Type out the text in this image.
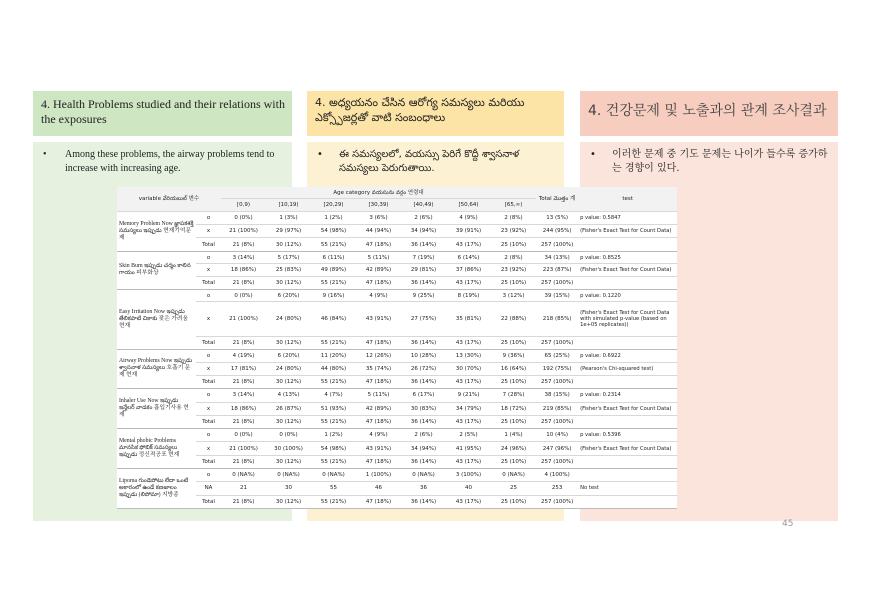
4. Health Problems studied and their relations with the exposures
4. అధ్యయనం చేసిన ఆరోగ్య సమస్యలు మరియు ఎక్స్పోజర్లతో వాటి సంబంధాలు	4. 건강문제 및 노출과의 관계 조사결과
•	Among these problems, the airway problems tend to increase with increasing age.
•	ఈ సమస్యలలో, వయస్సు పెరిగే కొద్దీ శ్వాసనాళ సమస్యలు పెరుగుతాయి.
•	이러한 문제 중 기도 문제는 나이가 들수록 증가하는 경향이 있다.
variable వేరియబుల్ 변수		Age category వయసును వర్గం 연령대							Total మొత్తం 계	test
		[0,9)	[10,19)	[20,29)	[30,39)	[40,49)	[50,64)	[65,∞)		
Memory Problem Now జ్ఞాపకశక్తి సమస్యలు ఇప్పుడు 현재기억문제	o	0 (0%)	1 (3%)	1 (2%)	3 (6%)	2 (6%)	4 (9%)	2 (8%)	13 (5%)	p value: 0.5847
	x	21 (100%)	29 (97%)	54 (98%)	44 (94%)	34 (94%)	39 (91%)	23 (92%)	244 (95%)	(Fisher's Exact Test for Count Data)
	Total	21 (8%)	30 (12%)	55 (21%)	47 (18%)	36 (14%)	43 (17%)	25 (10%)	257 (100%)	
Skin Burn ఇప్పుడు చర్మం కాలిన గాయం 피부화상	o	3 (14%)	5 (17%)	6 (11%)	5 (11%)	7 (19%)	6 (14%)	2 (8%)	34 (13%)	p value: 0.8525
	x	18 (86%)	25 (83%)	49 (89%)	42 (89%)	29 (81%)	37 (86%)	23 (92%)	223 (87%)	(Fisher's Exact Test for Count Data)
	Total	21 (8%)	30 (12%)	55 (21%)	47 (18%)	36 (14%)	43 (17%)	25 (10%)	257 (100%)	
Easy Irritation Now ఇప్పుడు తేలికపాటి చికాకు 잦은 가려움 현재	o	0 (0%)	6 (20%)	9 (16%)	4 (9%)	9 (25%)	8 (19%)	3 (12%)	39 (15%)	p value: 0.1220
	x	21 (100%)	24 (80%)	46 (84%)	43 (91%)	27 (75%)	35 (81%)	22 (88%)	218 (85%)	(Fisher's Exact Test for Count Data with simulated p-value (based on 1e+05 replicates))
	Total	21 (8%)	30 (12%)	55 (21%)	47 (18%)	36 (14%)	43 (17%)	25 (10%)	257 (100%)	
Airway Problems Now ఇప్పుడు శ్వాసనాళ సమస్యలు 호흡기 문제 현재	o	4 (19%)	6 (20%)	11 (20%)	12 (26%)	10 (28%)	13 (30%)	9 (36%)	65 (25%)	p value: 0.6922
	x	17 (81%)	24 (80%)	44 (80%)	35 (74%)	26 (72%)	30 (70%)	16 (64%)	192 (75%)	(Pearson's Chi-squared test)
	Total	21 (8%)	30 (12%)	55 (21%)	47 (18%)	36 (14%)	43 (17%)	25 (10%)	257 (100%)	
Inhaler Use Now ఇప్పుడు ఇన్హేలర్ వాడకం 흡입기사용 현재	o	3 (14%)	4 (13%)	4 (7%)	5 (11%)	6 (17%)	9 (21%)	7 (28%)	38 (15%)	p value: 0.2314
	x	18 (86%)	26 (87%)	51 (93%)	42 (89%)	30 (83%)	34 (79%)	18 (72%)	219 (85%)	(Fisher's Exact Test for Count Data)
	Total	21 (8%)	30 (12%)	55 (21%)	47 (18%)	36 (14%)	43 (17%)	25 (10%)	257 (100%)	
Mental phobic Problems మానసిక ఫోబిక్ సమస్యలు ఇప్పుడు 정신적공포 현재	o	0 (0%)	0 (0%)	1 (2%)	4 (9%)	2 (6%)	2 (5%)	1 (4%)	10 (4%)	p value: 0.5396
	x	21 (100%)	30 (100%)	54 (98%)	43 (91%)	34 (94%)	41 (95%)	24 (96%)	247 (96%)	(Fisher's Exact Test for Count Data)
	Total	21 (8%)	30 (12%)	55 (21%)	47 (18%)	36 (14%)	43 (17%)	25 (10%)	257 (100%)	
Lipoma గుండెపోటు లేదా ఒంటి అకారంలో ఉండే కణజాలం ఇప్పుడు (లిపోమా) 지방종	o	0 (NA%)	0 (NA%)	0 (NA%)	1 (100%)	0 (NA%)	3 (100%)	0 (NA%)	4 (100%)	
	NA	21	30	55	46	36	40	25	253	No test
	Total	21 (8%)	30 (12%)	55 (21%)	47 (18%)	36 (14%)	43 (17%)	25 (10%)	257 (100%)	
45
